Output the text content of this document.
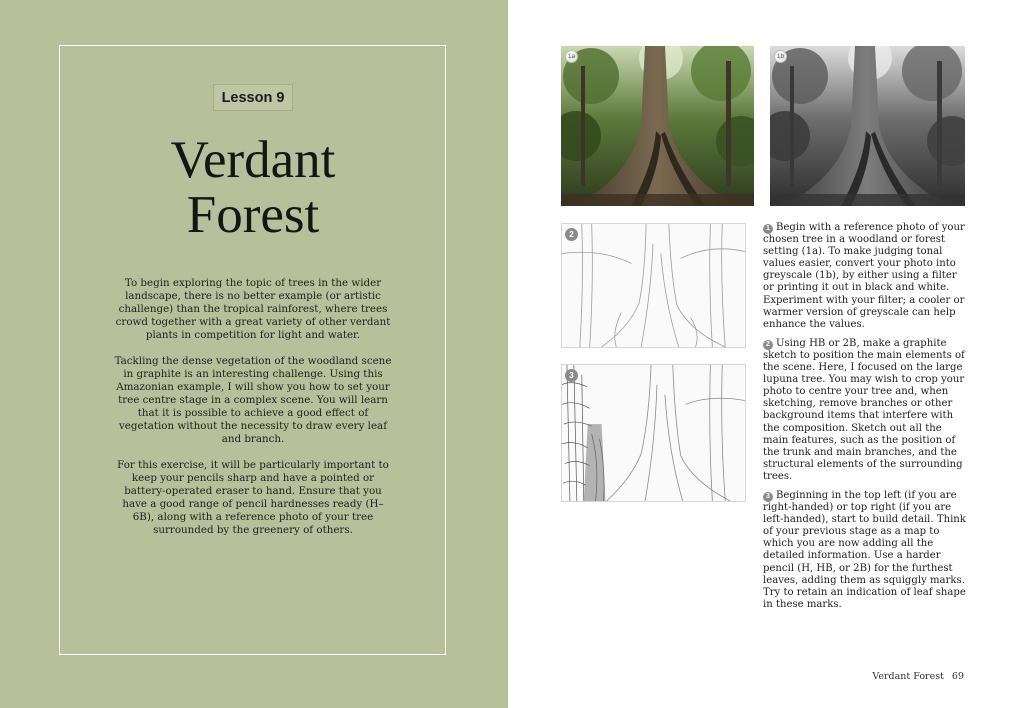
Lesson 9
Verdant
Forest

To begin exploring the topic of trees in the wider landscape, there is no better example (or artistic challenge) than the tropical rainforest, where trees crowd together with a great variety of other verdant plants in competition for light and water.

Tackling the dense vegetation of the woodland scene in graphite is an interesting challenge. Using this Amazonian example, I will show you how to set your tree centre stage in a complex scene. You will learn that it is possible to achieve a good effect of vegetation without the necessity to draw every leaf and branch.

For this exercise, it will be particularly important to keep your pencils sharp and have a pointed or battery-operated eraser to hand. Ensure that you have a good range of pencil hardnesses ready (H–6B), along with a reference photo of your tree surrounded by the greenery of others.

1a	1b
2
3

1 Begin with a reference photo of your chosen tree in a woodland or forest setting (1a). To make judging tonal values easier, convert your photo into greyscale (1b), by either using a filter or printing it out in black and white. Experiment with your filter; a cooler or warmer version of greyscale can help enhance the values.

2 Using HB or 2B, make a graphite sketch to position the main elements of the scene. Here, I focused on the large lupuna tree. You may wish to crop your photo to centre your tree and, when sketching, remove branches or other background items that interfere with the composition. Sketch out all the main features, such as the position of the trunk and main branches, and the structural elements of the surrounding trees.

3 Beginning in the top left (if you are right-handed) or top right (if you are left-handed), start to build detail. Think of your previous stage as a map to which you are now adding all the detailed information. Use a harder pencil (H, HB, or 2B) for the furthest leaves, adding them as squiggly marks. Try to retain an indication of leaf shape in these marks.

Verdant Forest 69
